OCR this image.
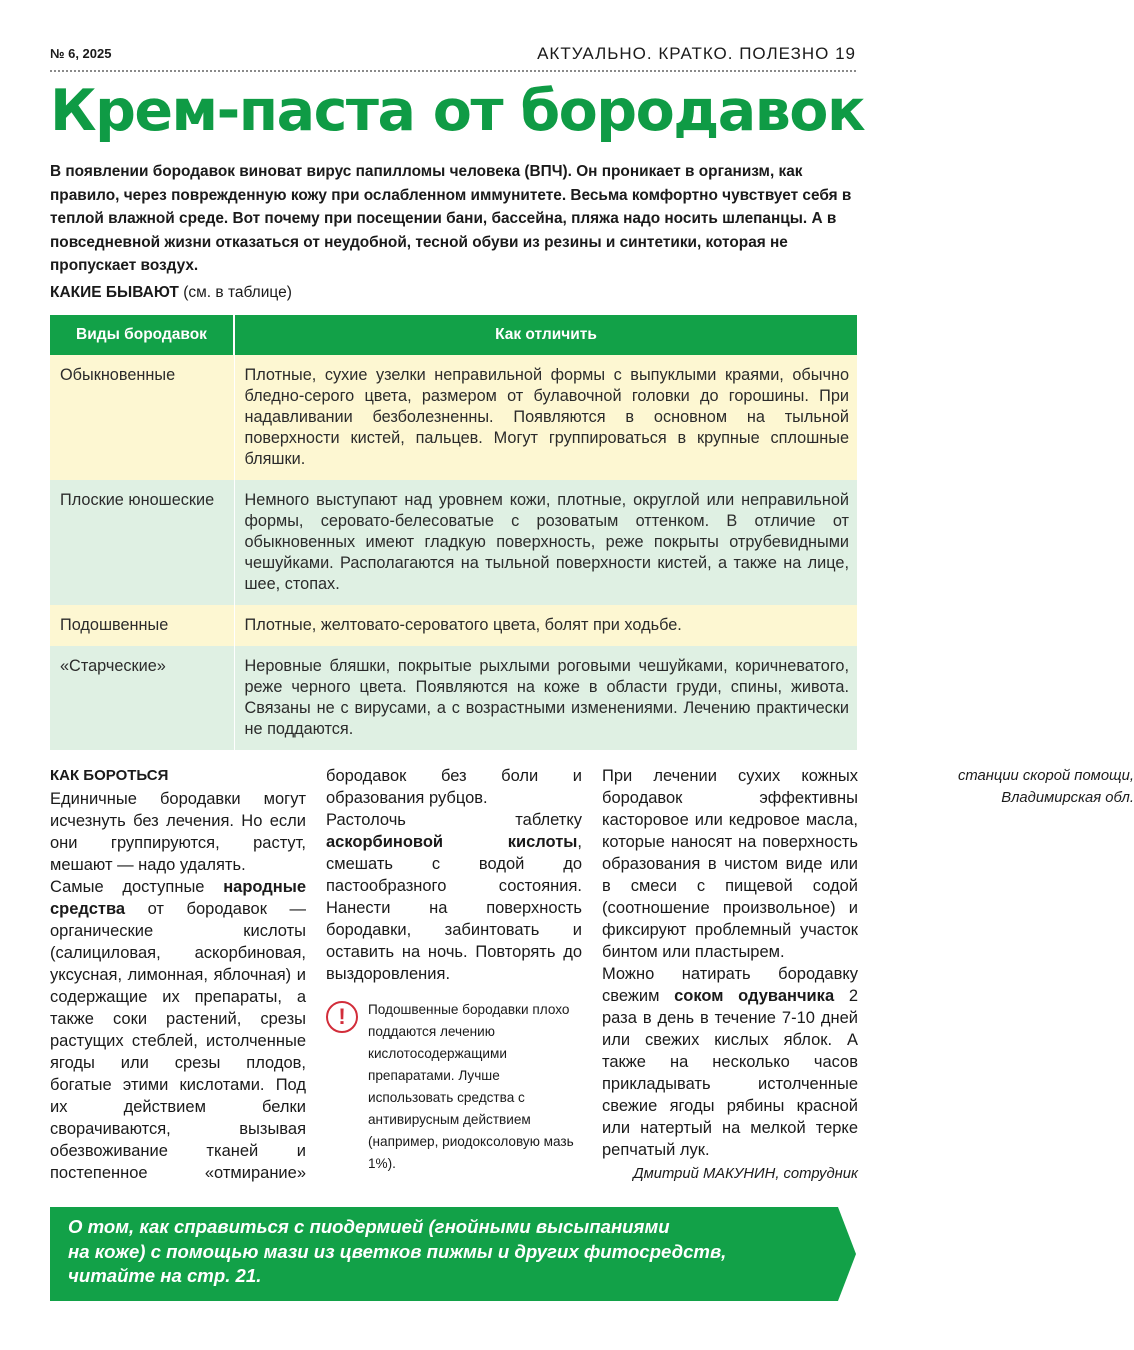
№ 6, 2025	АКТУАЛЬНО. КРАТКО. ПОЛЕЗНО 19
Крем-паста от бородавок

В появлении бородавок виноват вирус папилломы человека (ВПЧ). Он проникает в организм, как правило, через поврежденную кожу при ослабленном иммунитете. Весьма комфортно чувствует себя в теплой влажной среде. Вот почему при посещении бани, бассейна, пляжа надо носить шлепанцы. А в повседневной жизни отказаться от неудобной, тесной обуви из резины и синтетики, которая не пропускает воздух.

КАКИЕ БЫВАЮТ (см. в таблице)
Виды бородавок	Как отличить
Обыкновенные	Плотные, сухие узелки неправильной формы с выпуклыми краями, обычно бледно-серого цвета, размером от булавочной головки до горошины. При надавливании безболезненны. Появляются в основном на тыльной поверхности кистей, пальцев. Могут группироваться в крупные сплошные бляшки.
Плоские юношеские	Немного выступают над уровнем кожи, плотные, округлой или неправильной формы, серовато-белесоватые с розоватым оттенком. В отличие от обыкновенных имеют гладкую поверхность, реже покрыты отрубевидными чешуйками. Располагаются на тыльной поверхности кистей, а также на лице, шее, стопах.
Подошвенные	Плотные, желтовато-сероватого цвета, болят при ходьбе.
«Старческие»	Неровные бляшки, покрытые рыхлыми роговыми чешуйками, коричневатого, реже черного цвета. Появляются на коже в области груди, спины, живота. Связаны не с вирусами, а с возрастными изменениями. Лечению практически не поддаются.
О том, как справиться с пиодермией (гнойными высыпаниями
на коже) с помощью мази из цветков пижмы и других фитосредств,
читайте на стр. 21.
КАК БОРОТЬСЯ

Единичные бородавки могут исчезнуть без лечения. Но если они группируются, растут, мешают — надо удалять.

Самые доступные народные средства от бородавок — органические кислоты (салициловая, аскорбиновая, уксусная, лимонная, яблочная) и содержащие их препараты, а также соки растений, срезы растущих стеблей, истолченные ягоды или срезы плодов, богатые этими кислотами. Под их действием белки сворачиваются, вызывая обезвоживание тканей и постепенное «отмирание» бородавок без боли и образования рубцов.

Растолочь таблетку аскорбиновой кислоты, смешать с водой до пастообразного состояния. Нанести на поверхность бородавки, забинтовать и оставить на ночь. Повторять до выздоровления.

!	Подошвенные бородавки плохо поддаются лечению кислотосодержащими препаратами. Лучше использовать средства с антивирусным действием (например, риодоксоловую мазь 1%).

При лечении сухих кожных бородавок эффективны касторовое или кедровое масла, которые наносят на поверхность образования в чистом виде или в смеси с пищевой содой (соотношение произвольное) и фиксируют проблемный участок бинтом или пластырем.

Можно натирать бородавку свежим соком одуванчика 2 раза в день в течение 7-10 дней или свежих кислых яблок. А также на несколько часов прикладывать истолченные свежие ягоды рябины красной или натертый на мелкой терке репчатый лук.

Дмитрий МАКУНИН, сотрудник
станции скорой помощи,
Владимирская обл.
